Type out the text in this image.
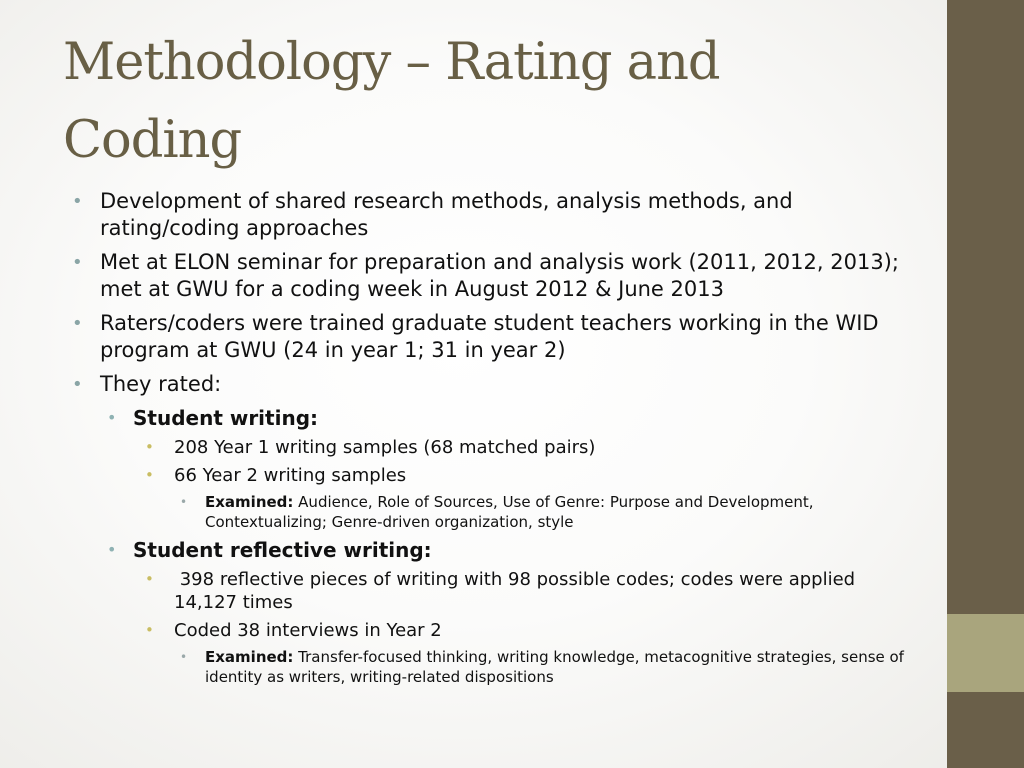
Methodology – Rating and
Coding
• Development of shared research methods, analysis methods, and rating/coding approaches
• Met at ELON seminar for preparation and analysis work (2011, 2012, 2013); met at GWU for a coding week in August 2012 & June 2013
• Raters/coders were trained graduate student teachers working in the WID program at GWU (24 in year 1; 31 in year 2)
• They rated:
• Student writing:
• 208 Year 1 writing samples (68 matched pairs)
• 66 Year 2 writing samples
• Examined: Audience, Role of Sources, Use of Genre: Purpose and Development, Contextualizing; Genre-driven organization, style
• Student reflective writing:
• 398 reflective pieces of writing with 98 possible codes; codes were applied 14,127 times
• Coded 38 interviews in Year 2
• Examined: Transfer-focused thinking, writing knowledge, metacognitive strategies, sense of identity as writers, writing-related dispositions
